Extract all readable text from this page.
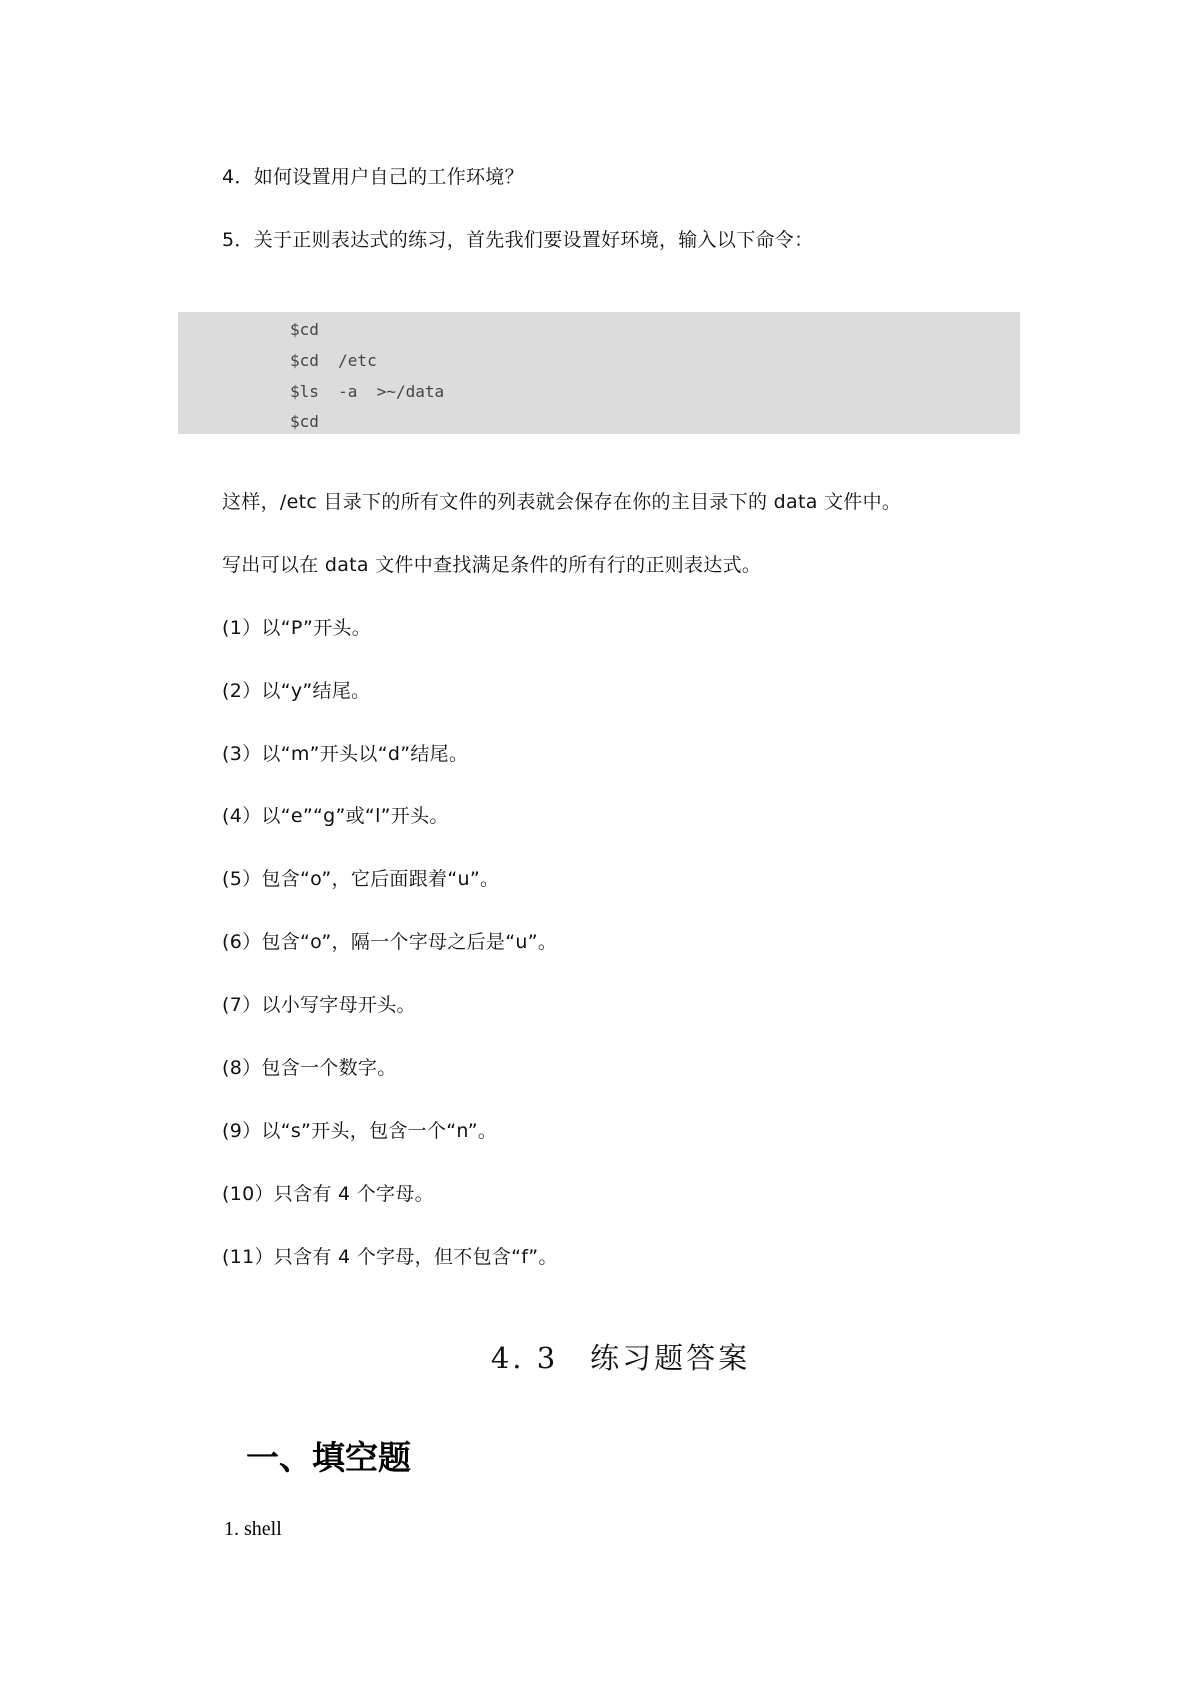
4．如何设置用户自己的工作环境？
5．关于正则表达式的练习，首先我们要设置好环境，输入以下命令：
$cd
$cd  /etc
$ls  -a  >~/data
$cd
这样，/etc 目录下的所有文件的列表就会保存在你的主目录下的 data 文件中。
写出可以在 data 文件中查找满足条件的所有行的正则表达式。
(1）以“P”开头。
(2）以“y”结尾。
(3）以“m”开头以“d”结尾。
(4）以“e”“g”或“l”开头。
(5）包含“o”，它后面跟着“u”。
(6）包含“o”，隔一个字母之后是“u”。
(7）以小写字母开头。
(8）包含一个数字。
(9）以“s”开头，包含一个“n”。
(10）只含有 4 个字母。
(11）只含有 4 个字母，但不包含“f”。
4. 3　练习题答案
一、填空题
1. shell
